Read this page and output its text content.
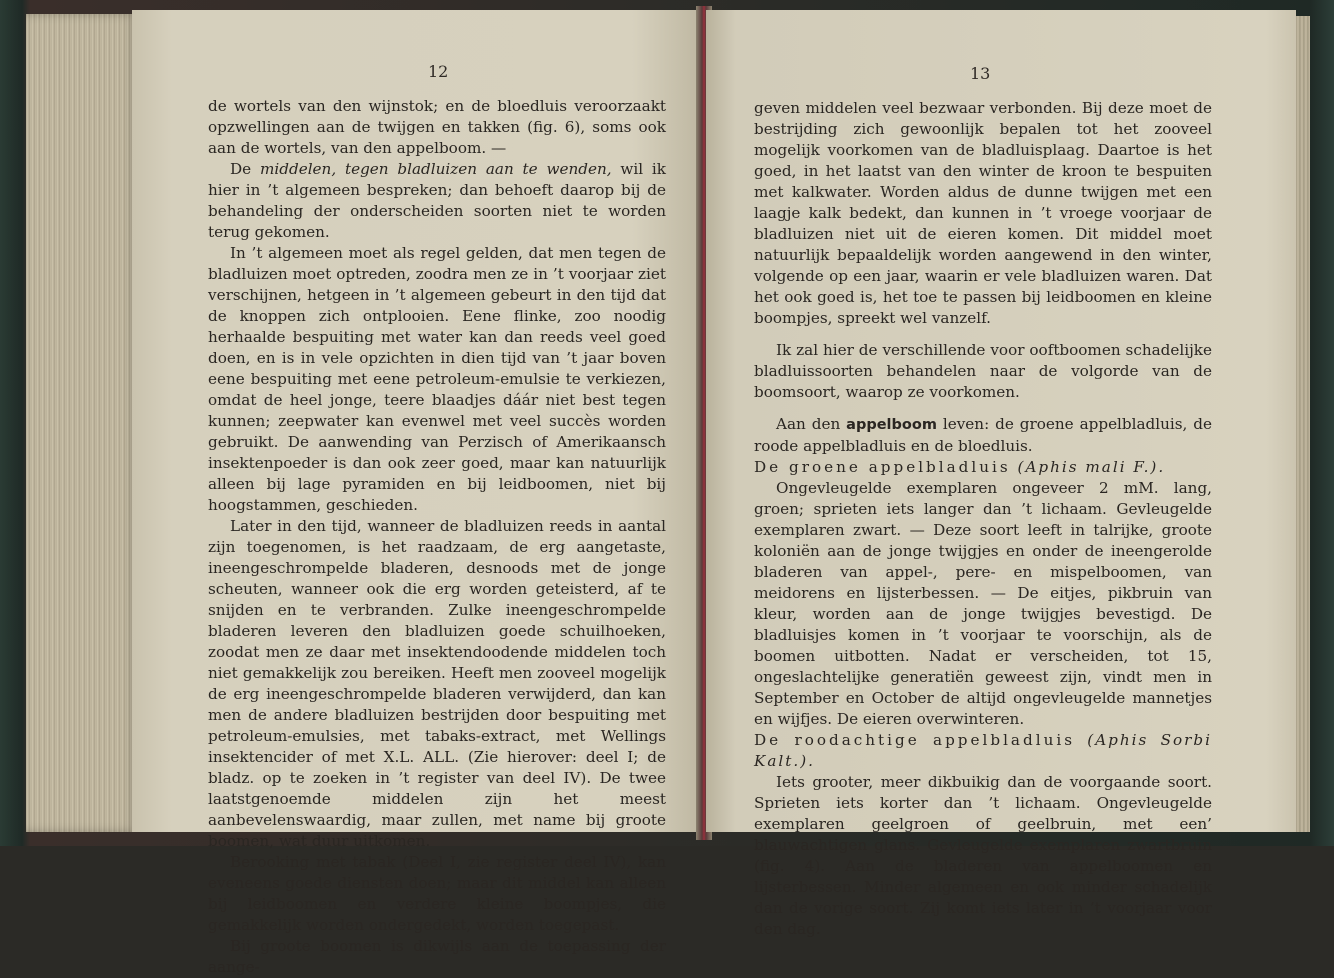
12

de wortels van den wijnstok; en de bloedluis veroorzaakt opzwellingen aan de twijgen en takken (fig. 6), soms ook aan de wortels, van den appelboom. —

De middelen, tegen bladluizen aan te wenden, wil ik hier in ’t algemeen bespreken; dan behoeft daarop bij de behandeling der onderscheiden soorten niet te worden terug gekomen.

In ’t algemeen moet als regel gelden, dat men tegen de bladluizen moet optreden, zoodra men ze in ’t voorjaar ziet verschijnen, hetgeen in ’t algemeen gebeurt in den tijd dat de knoppen zich ontplooien. Eene flinke, zoo noodig herhaalde bespuiting met water kan dan reeds veel goed doen, en is in vele opzichten in dien tijd van ’t jaar boven eene bespuiting met eene petroleum-emulsie te verkiezen, omdat de heel jonge, teere blaadjes dáár niet best tegen kunnen; zeepwater kan evenwel met veel succès worden gebruikt. De aanwending van Perzisch of Amerikaansch insektenpoeder is dan ook zeer goed, maar kan natuurlijk alleen bij lage pyramiden en bij leidboomen, niet bij hoogstammen, geschieden.

Later in den tijd, wanneer de bladluizen reeds in aantal zijn toegenomen, is het raadzaam, de erg aangetaste, ineengeschrompelde bladeren, desnoods met de jonge scheuten, wanneer ook die erg worden geteisterd, af te snijden en te verbranden. Zulke ineengeschrompelde bladeren leveren den bladluizen goede schuilhoeken, zoodat men ze daar met insektendoodende middelen toch niet gemakkelijk zou bereiken. Heeft men zooveel mogelijk de erg ineengeschrompelde bladeren verwijderd, dan kan men de andere bladluizen bestrijden door bespuiting met petroleum-emulsies, met tabaks-extract, met Wellings insektencider of met X.L. ALL. (Zie hierover: deel I; de bladz. op te zoeken in ’t register van deel IV). De twee laatstgenoemde middelen zijn het meest aanbevelenswaardig, maar zullen, met name bij groote boomen, wat duur uitkomen.

Berooking met tabak (Deel I, zie register deel IV), kan eveneens goede diensten doen; maar dit middel kan alleen bij leidboomen en verdere kleine boompjes, die gemakkelijk worden ondergedekt, worden toegepast.

Bij groote boomen is dikwijls aan de toepassing der aange-

13

geven middelen veel bezwaar verbonden. Bij deze moet de bestrijding zich gewoonlijk bepalen tot het zooveel mogelijk voorkomen van de bladluisplaag. Daartoe is het goed, in het laatst van den winter de kroon te bespuiten met kalkwater. Worden aldus de dunne twijgen met een laagje kalk bedekt, dan kunnen in ’t vroege voorjaar de bladluizen niet uit de eieren komen. Dit middel moet natuurlijk bepaaldelijk worden aangewend in den winter, volgende op een jaar, waarin er vele bladluizen waren. Dat het ook goed is, het toe te passen bij leidboomen en kleine boompjes, spreekt wel vanzelf.

Ik zal hier de verschillende voor ooftboomen schadelijke bladluissoorten behandelen naar de volgorde van de boomsoort, waarop ze voorkomen.

Aan den appelboom leven: de groene appelbladluis, de roode appelbladluis en de bloedluis.

De groene appelbladluis (Aphis mali F.).

Ongevleugelde exemplaren ongeveer 2 mM. lang, groen; sprieten iets langer dan ’t lichaam. Gevleugelde exemplaren zwart. — Deze soort leeft in talrijke, groote koloniën aan de jonge twijgjes en onder de ineengerolde bladeren van appel-, pere- en mispelboomen, van meidorens en lijsterbessen. — De eitjes, pikbruin van kleur, worden aan de jonge twijgjes bevestigd. De bladluisjes komen in ’t voorjaar te voorschijn, als de boomen uitbotten. Nadat er verscheiden, tot 15, ongeslachtelijke generatiën geweest zijn, vindt men in September en October de altijd ongevleugelde mannetjes en wijfjes. De eieren overwinteren.

De roodachtige appelbladluis (Aphis Sorbi Kalt.).

Iets grooter, meer dikbuikig dan de voorgaande soort. Sprieten iets korter dan ’t lichaam. Ongevleugelde exemplaren geelgroen of geelbruin, met een’ blauwachtigen glans. Gevleugelde exemplaren zwartbruin (fig. 4). Aan de bladeren van appelboomen en lijsterbessen. Minder algemeen en ook minder schadelijk dan de vorige soort. Zij komt iets later in ’t voorjaar voor den dag.
